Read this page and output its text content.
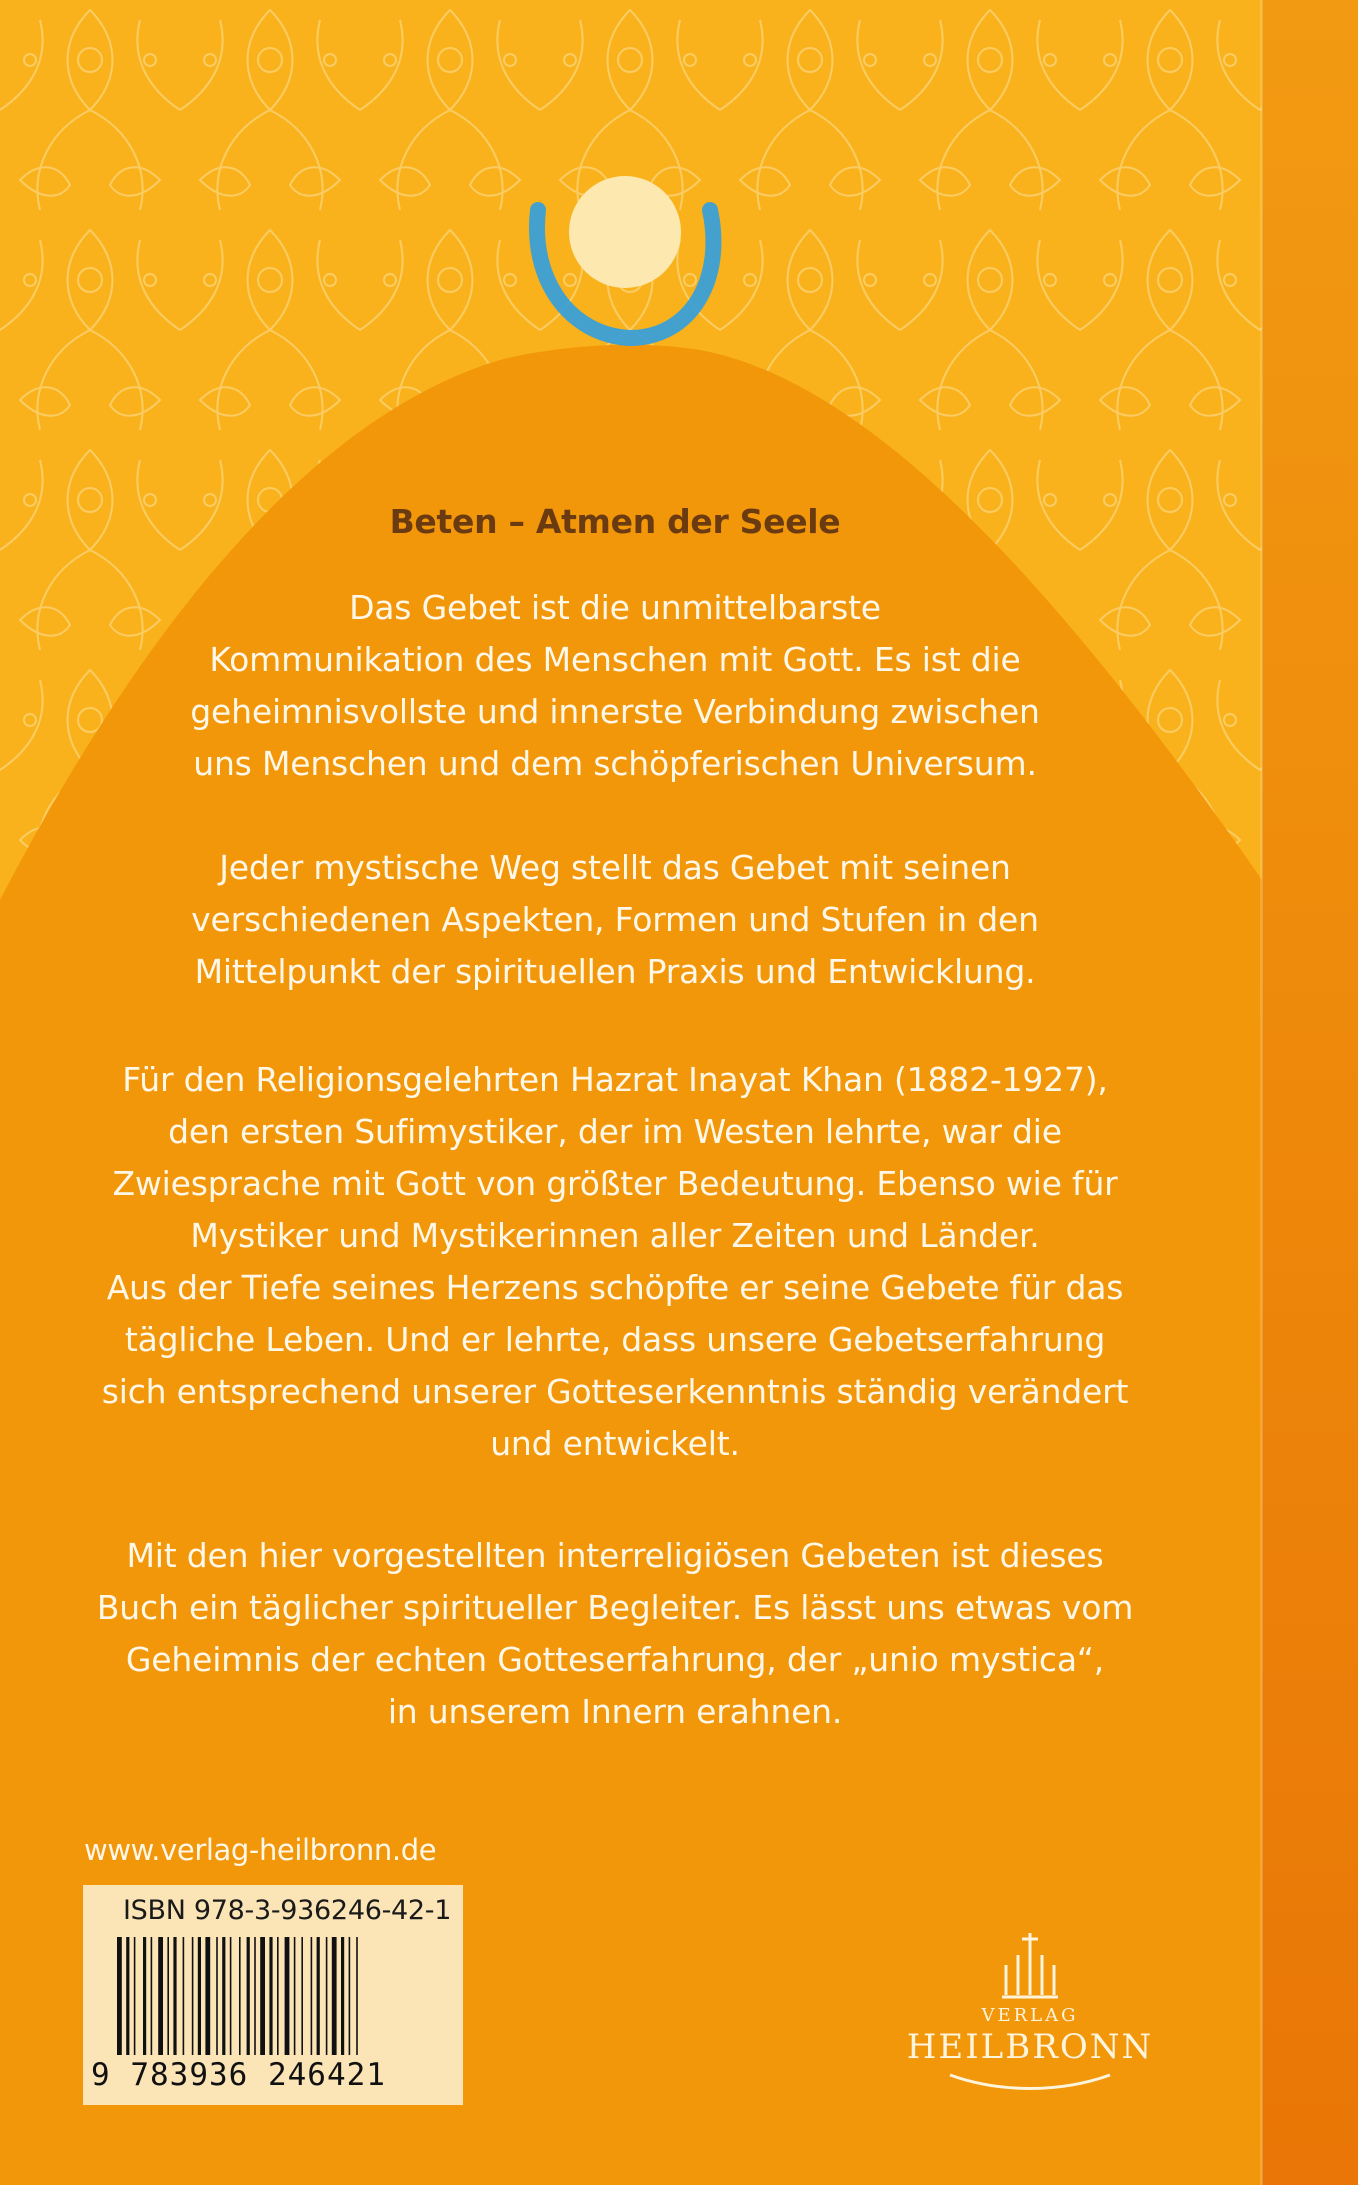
Beten – Atmen der Seele
Das Gebet ist die unmittelbarste
Kommunikation des Menschen mit Gott. Es ist die
geheimnisvollste und innerste Verbindung zwischen
uns Menschen und dem schöpferischen Universum.
Jeder mystische Weg stellt das Gebet mit seinen
verschiedenen Aspekten, Formen und Stufen in den
Mittelpunkt der spirituellen Praxis und Entwicklung.
Für den Religionsgelehrten Hazrat Inayat Khan (1882-1927),
den ersten Sufimystiker, der im Westen lehrte, war die
Zwiesprache mit Gott von größter Bedeutung. Ebenso wie für
Mystiker und Mystikerinnen aller Zeiten und Länder.
Aus der Tiefe seines Herzens schöpfte er seine Gebete für das
tägliche Leben. Und er lehrte, dass unsere Gebetserfahrung
sich entsprechend unserer Gotteserkenntnis ständig verändert
und entwickelt.
Mit den hier vorgestellten interreligiösen Gebeten ist dieses
Buch ein täglicher spiritueller Begleiter. Es lässt uns etwas vom
Geheimnis der echten Gotteserfahrung, der „unio mystica“,
in unserem Innern erahnen.
www.verlag-heilbronn.de
ISBN 978-3-936246-42-1
9 783936 246421
VERLAG
HEILBRONN
